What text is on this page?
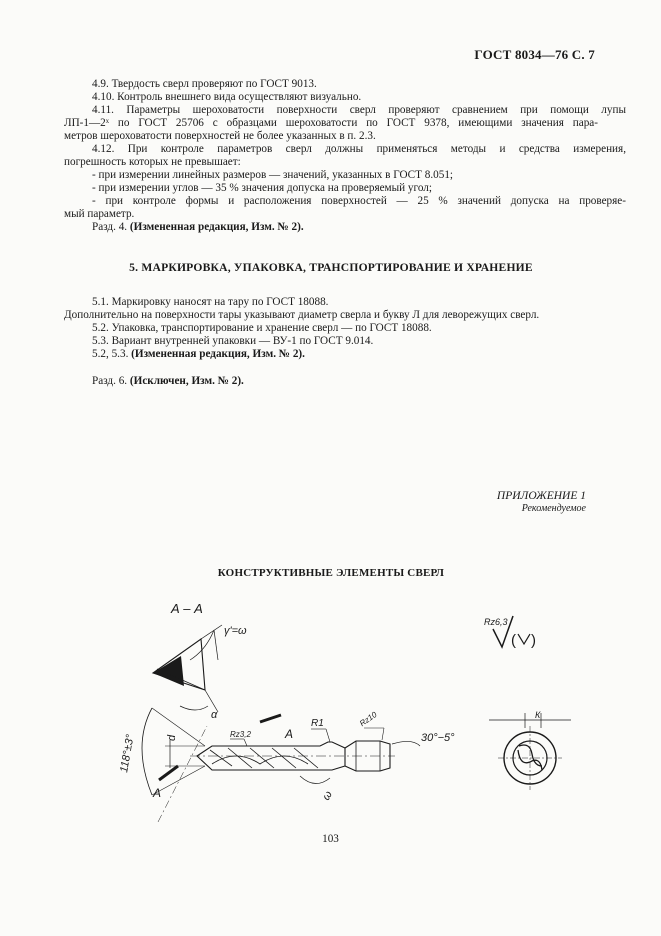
ГОСТ 8034—76 С. 7
4.9. Твердость сверл проверяют по ГОСТ 9013.
4.10. Контроль внешнего вида осуществляют визуально.
4.11. Параметры шероховатости поверхности сверл проверяют сравнением при помощи лупы
ЛП-1—2ˣ по ГОСТ 25706 с образцами шероховатости по ГОСТ 9378, имеющими значения пара-
метров шероховатости поверхностей не более указанных в п. 2.3.
4.12. При контроле параметров сверл должны применяться методы и средства измерения,
погрешность которых не превышает:
- при измерении линейных размеров — значений, указанных в ГОСТ 8.051;
- при измерении углов — 35 % значения допуска на проверяемый угол;
- при контроле формы и расположения поверхностей — 25 % значений допуска на проверяе-
мый параметр.
Разд. 4. (Измененная редакция, Изм. № 2).
5. МАРКИРОВКА, УПАКОВКА, ТРАНСПОРТИРОВАНИЕ И ХРАНЕНИЕ
5.1. Маркировку наносят на тару по ГОСТ 18088.
Дополнительно на поверхности тары указывают диаметр сверла и букву Л для леворежущих сверл.
5.2. Упаковка, транспортирование и хранение сверл — по ГОСТ 18088.
5.3. Вариант внутренней упаковки — ВУ-1 по ГОСТ 9.014.
5.2, 5.3. (Измененная редакция, Изм. № 2).
Разд. 6. (Исключен, Изм. № 2).
ПРИЛОЖЕНИЕ 1
Рекомендуемое
КОНСТРУКТИВНЫЕ ЭЛЕМЕНТЫ СВЕРЛ
А – А
γ'=ω
α
118°±3°
А
А
d	Rz3,2
R1	Rz10
30°−5°
ω
Rz6,3
( )
К
103
